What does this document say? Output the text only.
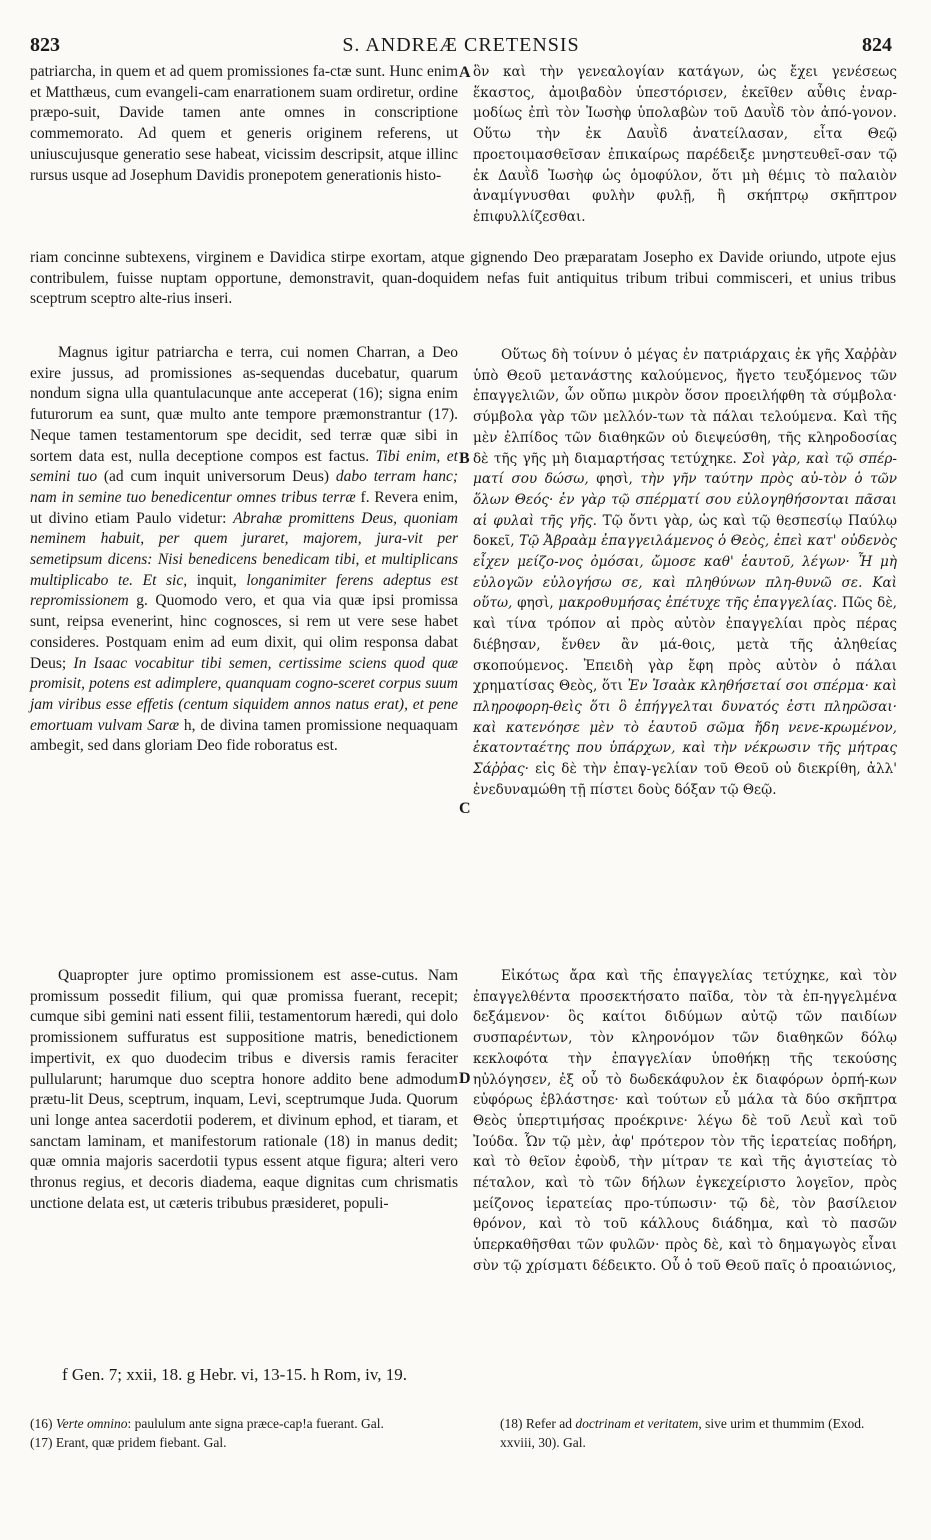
823	S. ANDREÆ CRETENSIS	824

patriarcha, in quem et ad quem promissiones fa-ctæ sunt. Hunc enim et Matthæus, cum evangeli-cam enarrationem suam ordiretur, ordine præpo-suit, Davide tamen ante omnes in conscriptione commemorato. Ad quem et generis originem referens, ut uniuscujusque generatio sese habeat, vicissim descripsit, atque illinc rursus usque ad Josephum Davidis pronepotem generationis histo-

A ὃν καὶ τὴν γενεαλογίαν κατάγων, ὡς ἔχει γενέσεως ἕκαστος, ἀμοιβαδὸν ὑπεστόρισεν, ἐκεῖθεν αὖθις ἐναρ-μοδίως ἐπὶ τὸν Ἰωσὴφ ὑπολαβὼν τοῦ Δαυῒδ τὸν ἀπό-γονον. Οὕτω τὴν ἐκ Δαυῒδ ἀνατείλασαν, εἶτα Θεῷ προετοιμασθεῖσαν ἐπικαίρως παρέδειξε μνηστευθεῖ-σαν τῷ ἐκ Δαυῒδ Ἰωσὴφ ὡς ὁμοφύλον, ὅτι μὴ θέμις τὸ παλαιὸν ἀναμίγνυσθαι φυλὴν φυλῇ, ἢ σκήπτρῳ σκῆπτρον ἐπιφυλλίζεσθαι.

riam concinne subtexens, virginem e Davidica stirpe exortam, atque gignendo Deo præparatam Josepho ex Davide oriundo, utpote ejus contribulem, fuisse nuptam opportune, demonstravit, quan-doquidem nefas fuit antiquitus tribum tribui commisceri, et unius tribus sceptrum sceptro alte-rius inseri.

Magnus igitur patriarcha e terra, cui nomen Charran, a Deo exire jussus, ad promissiones as-sequendas ducebatur, quarum nondum signa ulla quantulacunque ante acceperat (16); signa enim futurorum ea sunt, quæ multo ante tempore præmonstrantur (17). Neque tamen testamentorum spe decidit, sed terræ quæ sibi in sortem data est, nulla deceptione compos est factus. Tibi enim, et semini tuo (ad cum inquit universorum Deus) dabo terram hanc; nam in semine tuo benedicentur omnes tribus terræ f. Revera enim, ut divino etiam Paulo videtur: Abrahæ promittens Deus, quoniam neminem habuit, per quem juraret, majorem, jura-vit per semetipsum dicens: Nisi benedicens benedicam tibi, et multiplicans multiplicabo te. Et sic, inquit, longanimiter ferens adeptus est repromissionem g. Quomodo vero, et qua via quæ ipsi promissa sunt, reipsa evenerint, hinc cognosces, si rem ut vere sese habet consideres. Postquam enim ad eum dixit, qui olim responsa dabat Deus; In Isaac vocabitur tibi semen, certissime sciens quod quæ promisit, potens est adimplere, quanquam cogno-sceret corpus suum jam viribus esse effetis (centum siquidem annos natus erat), et pene emortuam vulvam Saræ h, de divina tamen promissione nequaquam ambegit, sed dans gloriam Deo fide roboratus est.

B

Οὕτως δὴ τοίνυν ὁ μέγας ἐν πατριάρχαις ἐκ γῆς Χαῤῥὰν ὑπὸ Θεοῦ μετανάστης καλούμενος, ἤγετο τευξόμενος τῶν ἐπαγγελιῶν, ὧν οὔπω μικρὸν ὅσον προειλήφθη τὰ σύμβολα· σύμβολα γὰρ τῶν μελλόν-των τὰ πάλαι τελούμενα. Καὶ τῆς μὲν ἐλπίδος τῶν διαθηκῶν οὐ διεψεύσθη, τῆς κληροδοσίας δὲ τῆς γῆς μὴ διαμαρτήσας τετύχηκε. Σοὶ γὰρ, καὶ τῷ σπέρ-ματί σου δώσω, φησὶ, τὴν γῆν ταύτην πρὸς αὐ-τὸν ὁ τῶν ὅλων Θεός· ἐν γὰρ τῷ σπέρματί σου εὐλογηθήσονται πᾶσαι αἱ φυλαὶ τῆς γῆς. Τῷ ὄντι γὰρ, ὡς καὶ τῷ θεσπεσίῳ Παύλῳ δοκεῖ, Τῷ Ἀβραὰμ ἐπαγγειλάμενος ὁ Θεὸς, ἐπεὶ κατ' οὐδενὸς εἶχεν μείζο-νος ὀμόσαι, ὤμοσε καθ' ἑαυτοῦ, λέγων· Ἦ μὴ εὐλογῶν εὐλογήσω σε, καὶ πληθύνων πλη-θυνῶ σε. Καὶ οὕτω, φησὶ, μακροθυμήσας ἐπέτυχε τῆς ἐπαγγελίας. Πῶς δὲ, καὶ τίνα τρόπον αἱ πρὸς αὐτὸν ἐπαγγελίαι πρὸς πέρας διέβησαν, ἔνθεν ἂν μά-θοις, μετὰ τῆς ἀληθείας σκοπούμενος. Ἐπειδὴ γὰρ ἔφη πρὸς αὐτὸν ὁ πάλαι χρηματίσας Θεὸς, ὅτι Ἐν Ἰσαὰκ κληθήσεταί σοι σπέρμα· καὶ πληροφορη-θεὶς ὅτι ὃ ἐπήγγελται δυνατός ἐστι πληρῶσαι· καὶ κατενόησε μὲν τὸ ἑαυτοῦ σῶμα ἤδη νενε-κρωμένον, ἑκατονταέτης που ὑπάρχων, καὶ τὴν νέκρωσιν τῆς μήτρας Σάῤῥας· εἰς δὲ τὴν ἐπαγ-γελίαν τοῦ Θεοῦ οὐ διεκρίθη, ἀλλ' ἐνεδυναμώθη τῇ πίστει δοὺς δόξαν τῷ Θεῷ.

C

Quapropter jure optimo promissionem est asse-cutus. Nam promissum possedit filium, qui quæ promissa fuerant, recepit; cumque sibi gemini nati essent filii, testamentorum hæredi, qui dolo promissionem suffuratus est suppositione matris, benedictionem impertivit, ex quo duodecim tribus e diversis ramis feraciter pullularunt; harumque duo sceptra honore addito bene admodum prætu-lit Deus, sceptrum, inquam, Levi, sceptrumque Juda. Quorum uni longe antea sacerdotii poderem, et divinum ephod, et tiaram, et sanctam laminam, et manifestorum rationale (18) in manus dedit; quæ omnia majoris sacerdotii typus essent atque figura; alteri vero thronus regius, et decoris diadema, eaque dignitas cum chrismatis unctione delata est, ut cæteris tribubus præsideret, populi-

D

Εἰκότως ἄρα καὶ τῆς ἐπαγγελίας τετύχηκε, καὶ τὸν ἐπαγγελθέντα προσεκτήσατο παῖδα, τὸν τὰ ἐπ-ηγγελμένα δεξάμενον· ὃς καίτοι διδύμων αὐτῷ τῶν παιδίων συσπαρέντων, τὸν κληρονόμον τῶν διαθηκῶν δόλῳ κεκλοφότα τὴν ἐπαγγελίαν ὑποθήκῃ τῆς τεκούσης ηὐλόγησεν, ἐξ οὗ τὸ δωδεκάφυλον ἐκ διαφόρων ὀρπή-κων εὐφόρως ἐβλάστησε· καὶ τούτων εὖ μάλα τὰ δύο σκῆπτρα Θεὸς ὑπερτιμήσας προέκρινε· λέγω δὲ τοῦ Λευῒ καὶ τοῦ Ἰούδα. Ὧν τῷ μὲν, ἀφ' πρότερον τὸν τῆς ἱερατείας ποδήρη, καὶ τὸ θεῖον ἐφοὺδ, τὴν μίτραν τε καὶ τῆς ἁγιστείας τὸ πέταλον, καὶ τὸ τῶν δήλων ἐγκεχείριστο λογεῖον, πρὸς μείζονος ἱερατείας προ-τύπωσιν· τῷ δὲ, τὸν βασίλειον θρόνον, καὶ τὸ τοῦ κάλλους διάδημα, καὶ τὸ πασῶν ὑπερκαθῆσθαι τῶν φυλῶν· πρὸς δὲ, καὶ τὸ δημαγωγὸς εἶναι σὺν τῷ χρίσματι δέδεικτο. Οὗ ὁ τοῦ Θεοῦ παῖς ὁ προαιώνιος,

f Gen. 7; xxii, 18. g Hebr. vi, 13-15. h Rom, iv, 19.
(16) Verte omnino: paululum ante signa præce-cap!a fuerant. Gal.
(17) Erant, quæ pridem fiebant. Gal.
(18) Refer ad doctrinam et veritatem, sive urim et thummim (Exod. xxviii, 30). Gal.
